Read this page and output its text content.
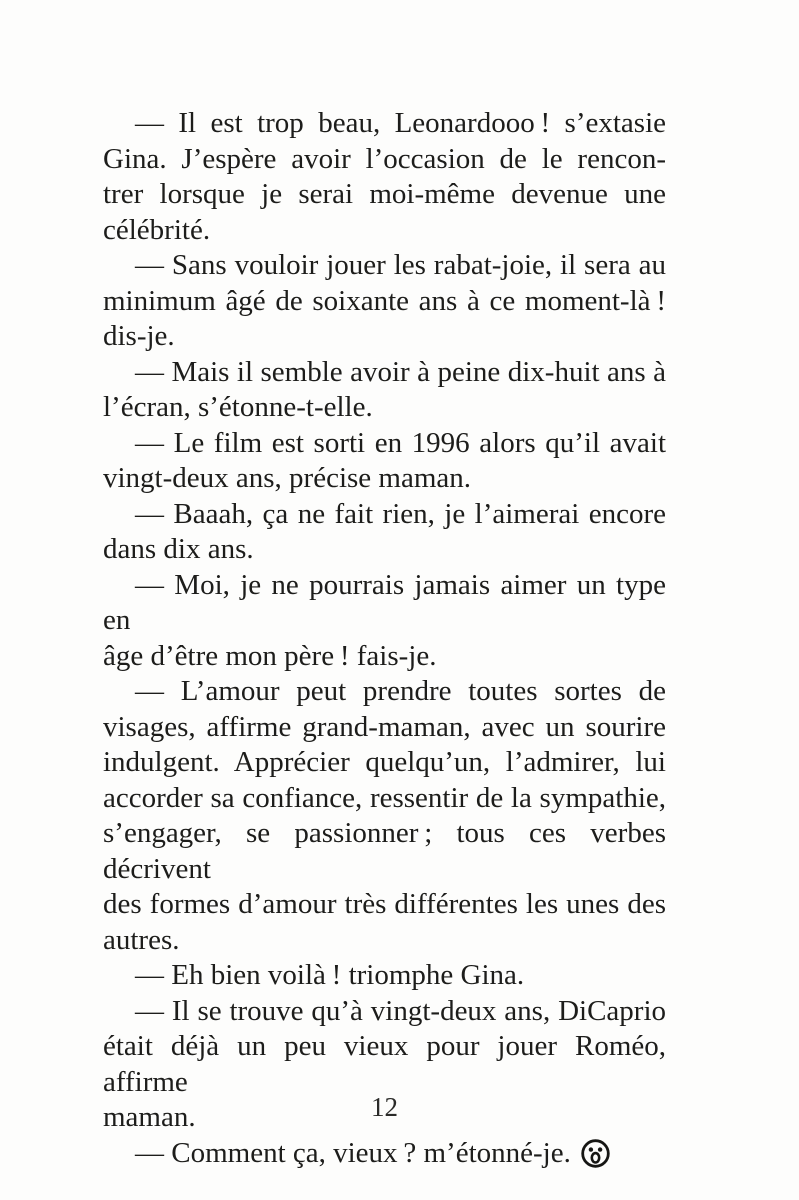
— Il est trop beau, Leonardooo ! s’extasie
Gina. J’espère avoir l’occasion de le rencon-
trer lorsque je serai moi-même devenue une
célébrité.
— Sans vouloir jouer les rabat-joie, il sera au
minimum âgé de soixante ans à ce moment-là !
dis-je.
— Mais il semble avoir à peine dix-huit ans à
l’écran, s’étonne-t-elle.
— Le film est sorti en 1996 alors qu’il avait
vingt-deux ans, précise maman.
— Baaah, ça ne fait rien, je l’aimerai encore
dans dix ans.
— Moi, je ne pourrais jamais aimer un type en
âge d’être mon père ! fais-je.
— L’amour peut prendre toutes sortes de
visages, affirme grand-maman, avec un sourire
indulgent. Apprécier quelqu’un, l’admirer, lui
accorder sa confiance, ressentir de la sympathie,
s’engager, se passionner ; tous ces verbes décrivent
des formes d’amour très différentes les unes des
autres.
— Eh bien voilà ! triomphe Gina.
— Il se trouve qu’à vingt-deux ans, DiCaprio
était déjà un peu vieux pour jouer Roméo, affirme
maman.
— Comment ça, vieux ? m’étonné-je.
12
